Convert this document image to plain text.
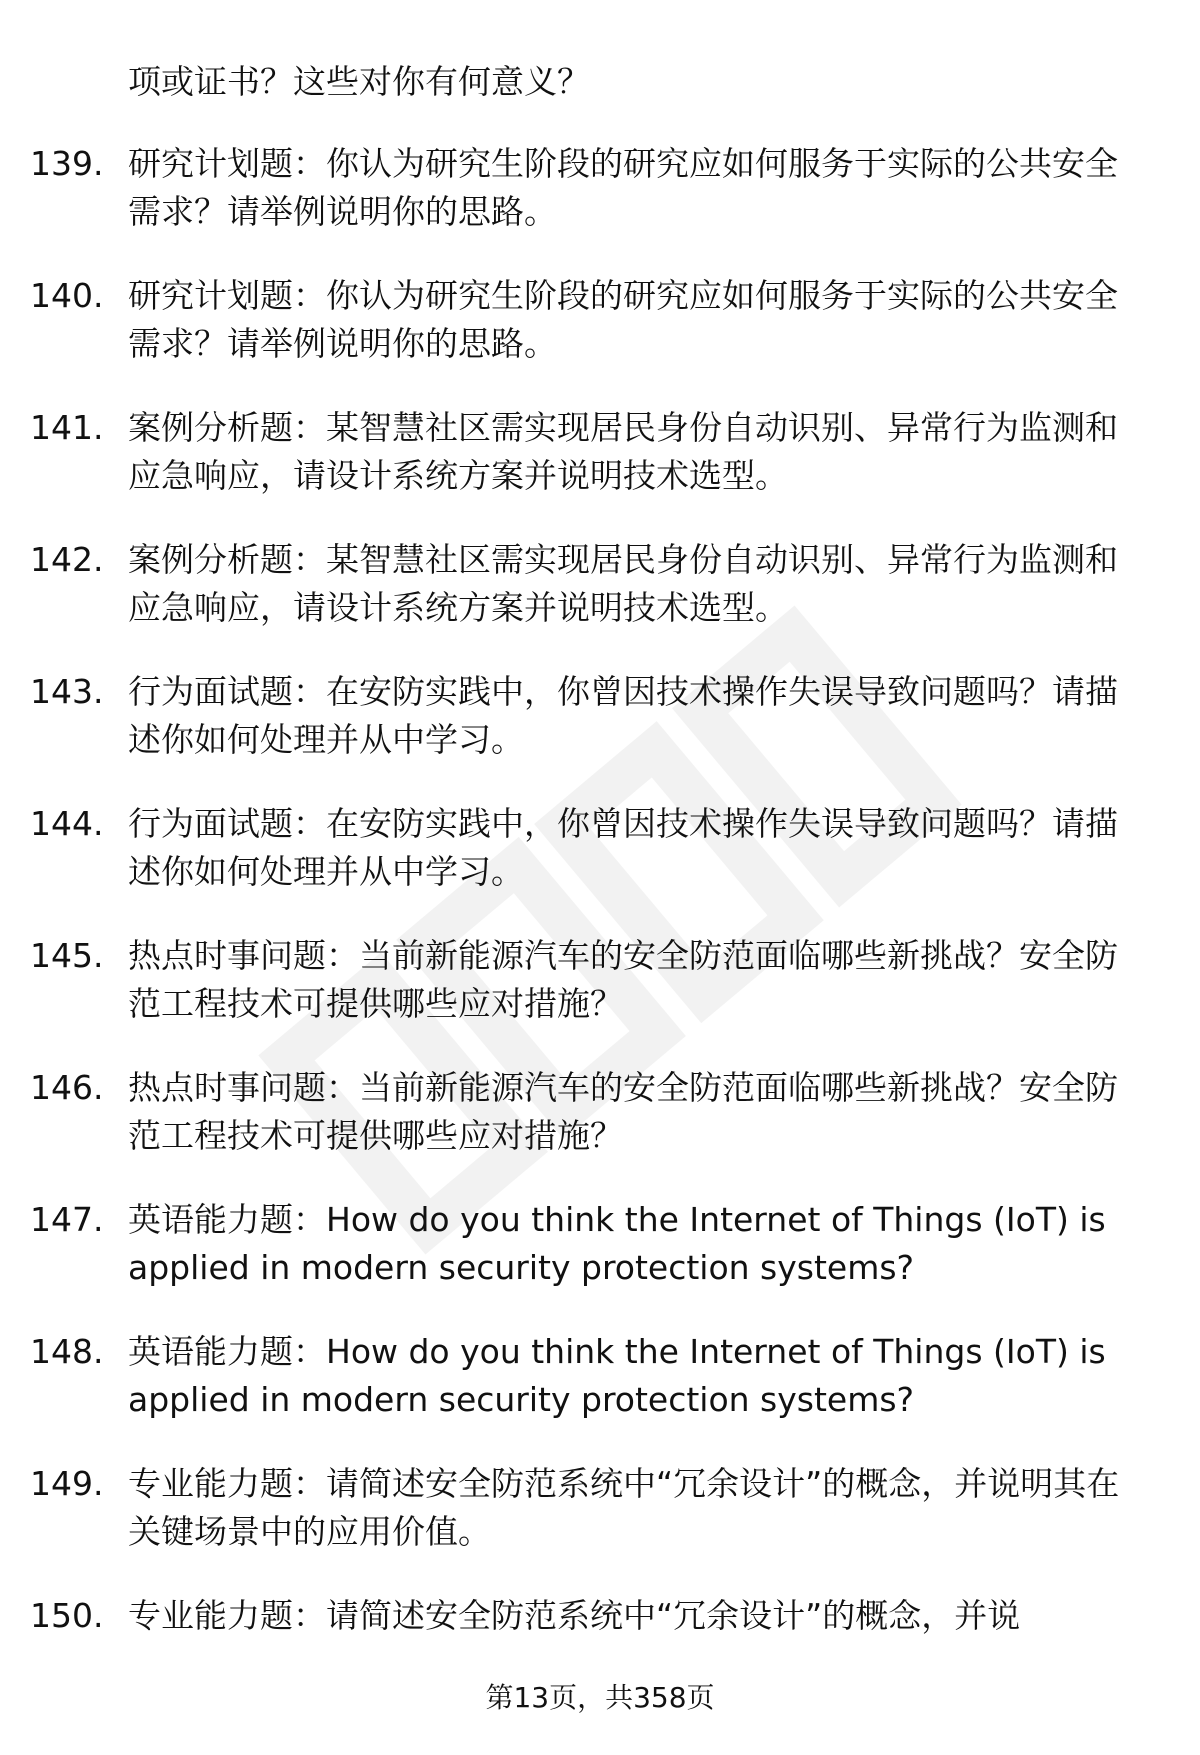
项或证书？这些对你有何意义？
139. 研究计划题：你认为研究生阶段的研究应如何服务于实际的公共安全需求？请举例说明你的思路。
140. 研究计划题：你认为研究生阶段的研究应如何服务于实际的公共安全需求？请举例说明你的思路。
141. 案例分析题：某智慧社区需实现居民身份自动识别、异常行为监测和应急响应，请设计系统方案并说明技术选型。
142. 案例分析题：某智慧社区需实现居民身份自动识别、异常行为监测和应急响应，请设计系统方案并说明技术选型。
143. 行为面试题：在安防实践中，你曾因技术操作失误导致问题吗？请描述你如何处理并从中学习。
144. 行为面试题：在安防实践中，你曾因技术操作失误导致问题吗？请描述你如何处理并从中学习。
145. 热点时事问题：当前新能源汽车的安全防范面临哪些新挑战？安全防范工程技术可提供哪些应对措施？
146. 热点时事问题：当前新能源汽车的安全防范面临哪些新挑战？安全防范工程技术可提供哪些应对措施？
147. 英语能力题：How do you think the Internet of Things (IoT) is applied in modern security protection systems?
148. 英语能力题：How do you think the Internet of Things (IoT) is applied in modern security protection systems?
149. 专业能力题：请简述安全防范系统中“冗余设计”的概念，并说明其在关键场景中的应用价值。
150. 专业能力题：请简述安全防范系统中“冗余设计”的概念，并说
第13页，共358页
